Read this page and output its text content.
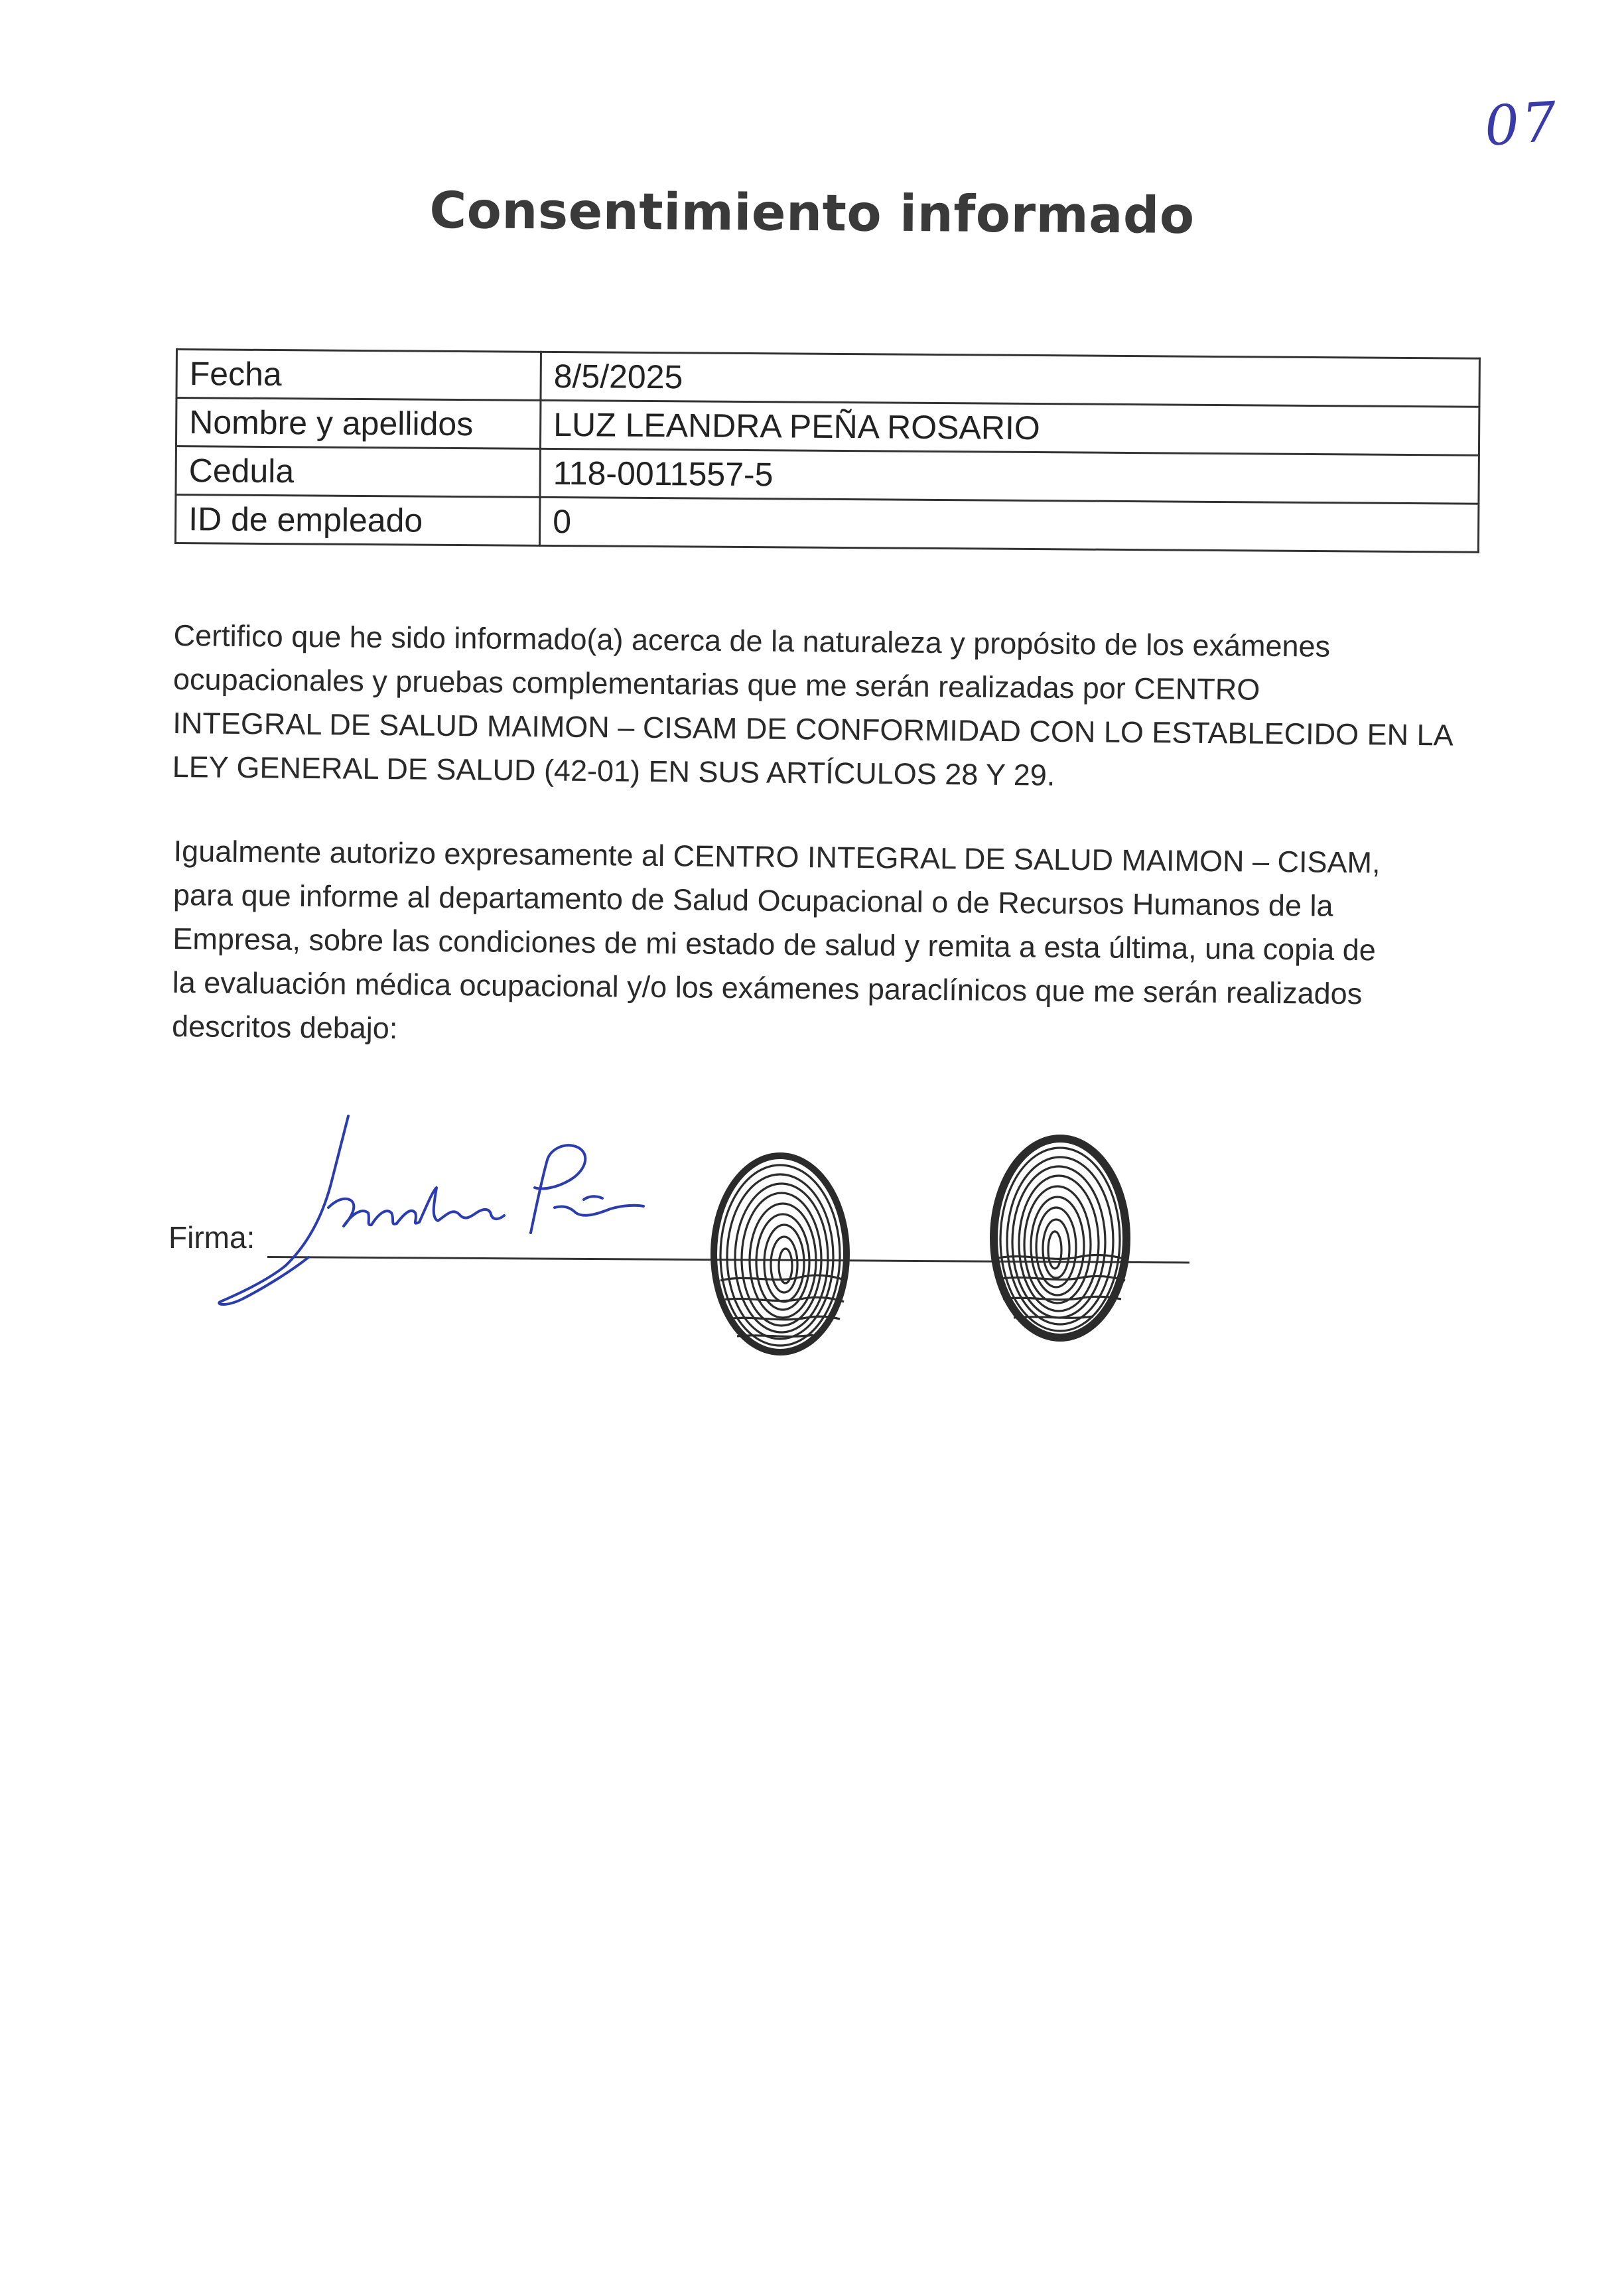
07
Consentimiento informado
Fecha	8/5/2025
Nombre y apellidos	LUZ LEANDRA PEÑA ROSARIO
Cedula	118-0011557-5
ID de empleado	0
Certifico que he sido informado(a) acerca de la naturaleza y propósito de los exámenes
ocupacionales y pruebas complementarias que me serán realizadas por CENTRO
INTEGRAL DE SALUD MAIMON – CISAM DE CONFORMIDAD CON LO ESTABLECIDO EN LA
LEY GENERAL DE SALUD (42-01) EN SUS ARTÍCULOS 28 Y 29.
Igualmente autorizo expresamente al CENTRO INTEGRAL DE SALUD MAIMON – CISAM,
para que informe al departamento de Salud Ocupacional o de Recursos Humanos de la
Empresa, sobre las condiciones de mi estado de salud y remita a esta última, una copia de
la evaluación médica ocupacional y/o los exámenes paraclínicos que me serán realizados
descritos debajo:
Firma:
